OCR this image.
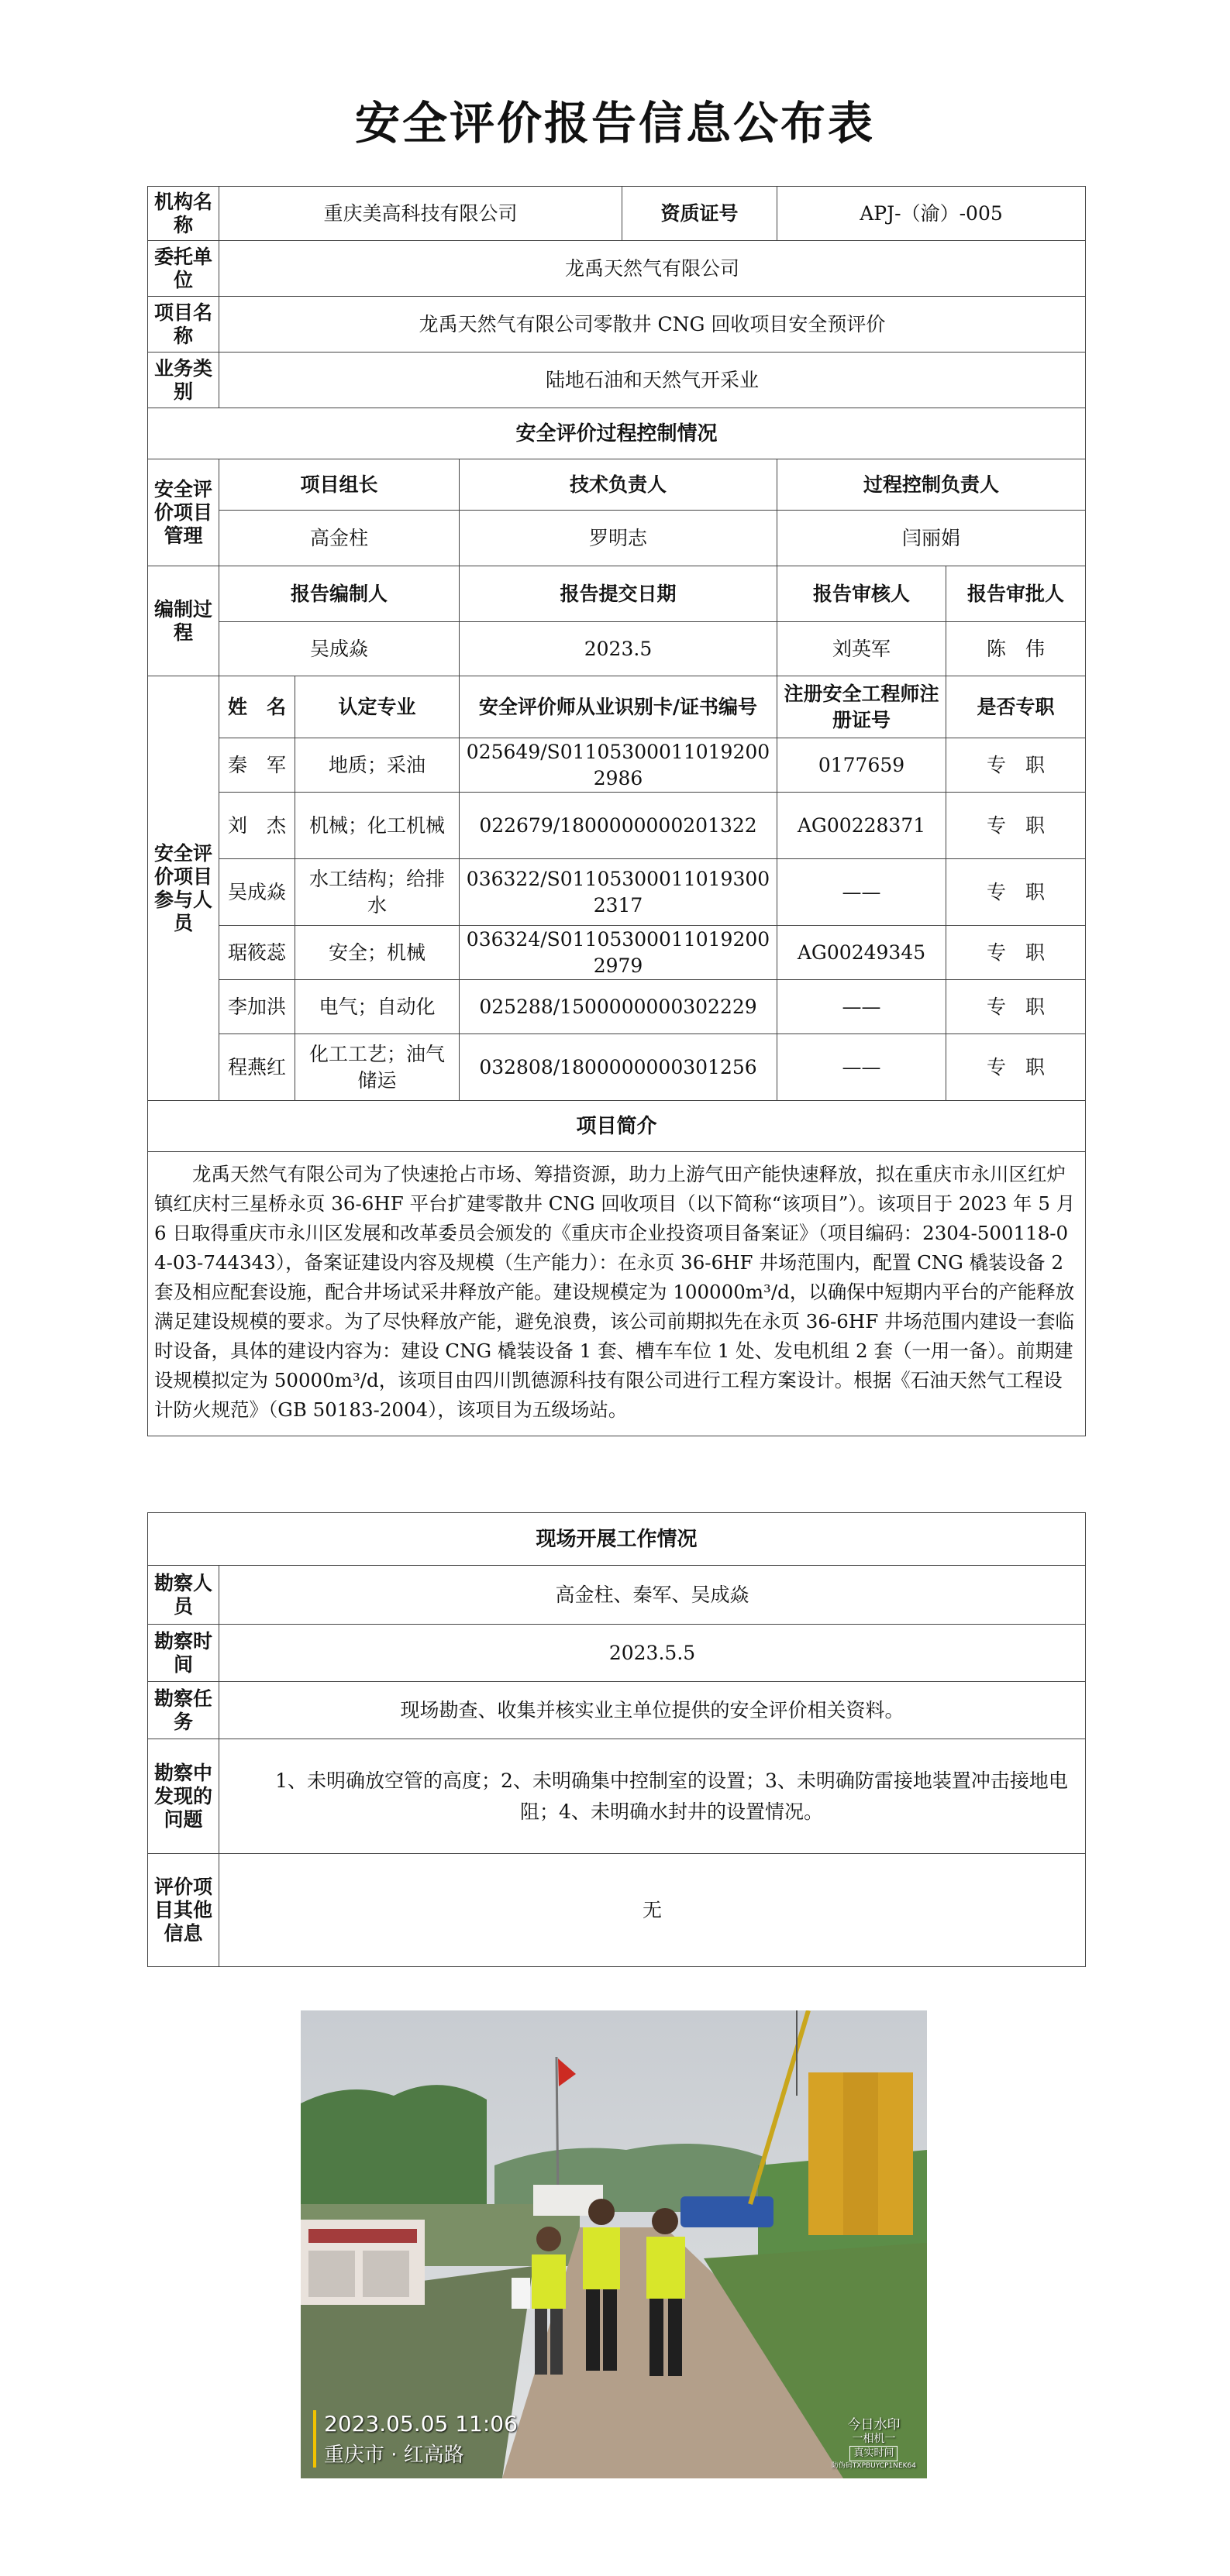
安全评价报告信息公布表
机构名称	重庆美高科技有限公司			资质证号	APJ-（渝）-005	
委托单位	龙禹天然气有限公司					
项目名称	龙禹天然气有限公司零散井 CNG 回收项目安全预评价					
业务类别	陆地石油和天然气开采业					
安全评价过程控制情况						
安全评价项目管理	项目组长		技术负责人		过程控制负责人	
	高金柱		罗明志		闫丽娟	
编制过程	报告编制人		报告提交日期		报告审核人	报告审批人
	吴成焱		2023.5		刘英军	陈　伟
安全评价项目参与人员	姓　名	认定专业	安全评价师从业识别卡/证书编号		注册安全工程师注册证号	是否专职
	秦　军	地质；采油	025649/S011053000110192002986		0177659	专　职
	刘　杰	机械；化工机械	022679/1800000000201322		AG00228371	专　职
	吴成焱	水工结构；给排水	036322/S011053000110193002317		——	专　职
	琚筱蕊	安全；机械	036324/S011053000110192002979		AG00249345	专　职
	李加洪	电气；自动化	025288/1500000000302229		——	专　职
	程燕红	化工工艺；油气储运	032808/1800000000301256		——	专　职
项目简介						
龙禹天然气有限公司为了快速抢占市场、筹措资源，助力上游气田产能快速释放，拟在重庆市永川区红炉镇红庆村三星桥永页 36-6HF 平台扩建零散井 CNG 回收项目（以下简称“该项目”）。该项目于 2023 年 5 月 6 日取得重庆市永川区发展和改革委员会颁发的《重庆市企业投资项目备案证》（项目编码：2304-500118-04-03-744343），备案证建设内容及规模（生产能力）：在永页 36-6HF 井场范围内，配置 CNG 橇装设备 2 套及相应配套设施，配合井场试采井释放产能。建设规模定为 100000m³/d，以确保中短期内平台的产能释放满足建设规模的要求。为了尽快释放产能，避免浪费，该公司前期拟先在永页 36-6HF 井场范围内建设一套临时设备，具体的建设内容为：建设 CNG 橇装设备 1 套、槽车车位 1 处、发电机组 2 套（一用一备）。前期建设规模拟定为 50000m³/d，该项目由四川凯德源科技有限公司进行工程方案设计。根据《石油天然气工程设计防火规范》（GB 50183-2004），该项目为五级场站。						
现场开展工作情况	
勘察人员	高金柱、秦军、吴成焱
勘察时间	2023.5.5
勘察任务	现场勘查、收集并核实业主单位提供的安全评价相关资料。
勘察中发现的问题	1、未明确放空管的高度；2、未明确集中控制室的设置；3、未明确防雷接地装置冲击接地电阻；4、未明确水封井的设置情况。
评价项目其他信息	无
2023.05.05 11:06
重庆市 · 红高路
今日水印
一相机一
真实时间
防伪码TXPBUYCP1NEK64
